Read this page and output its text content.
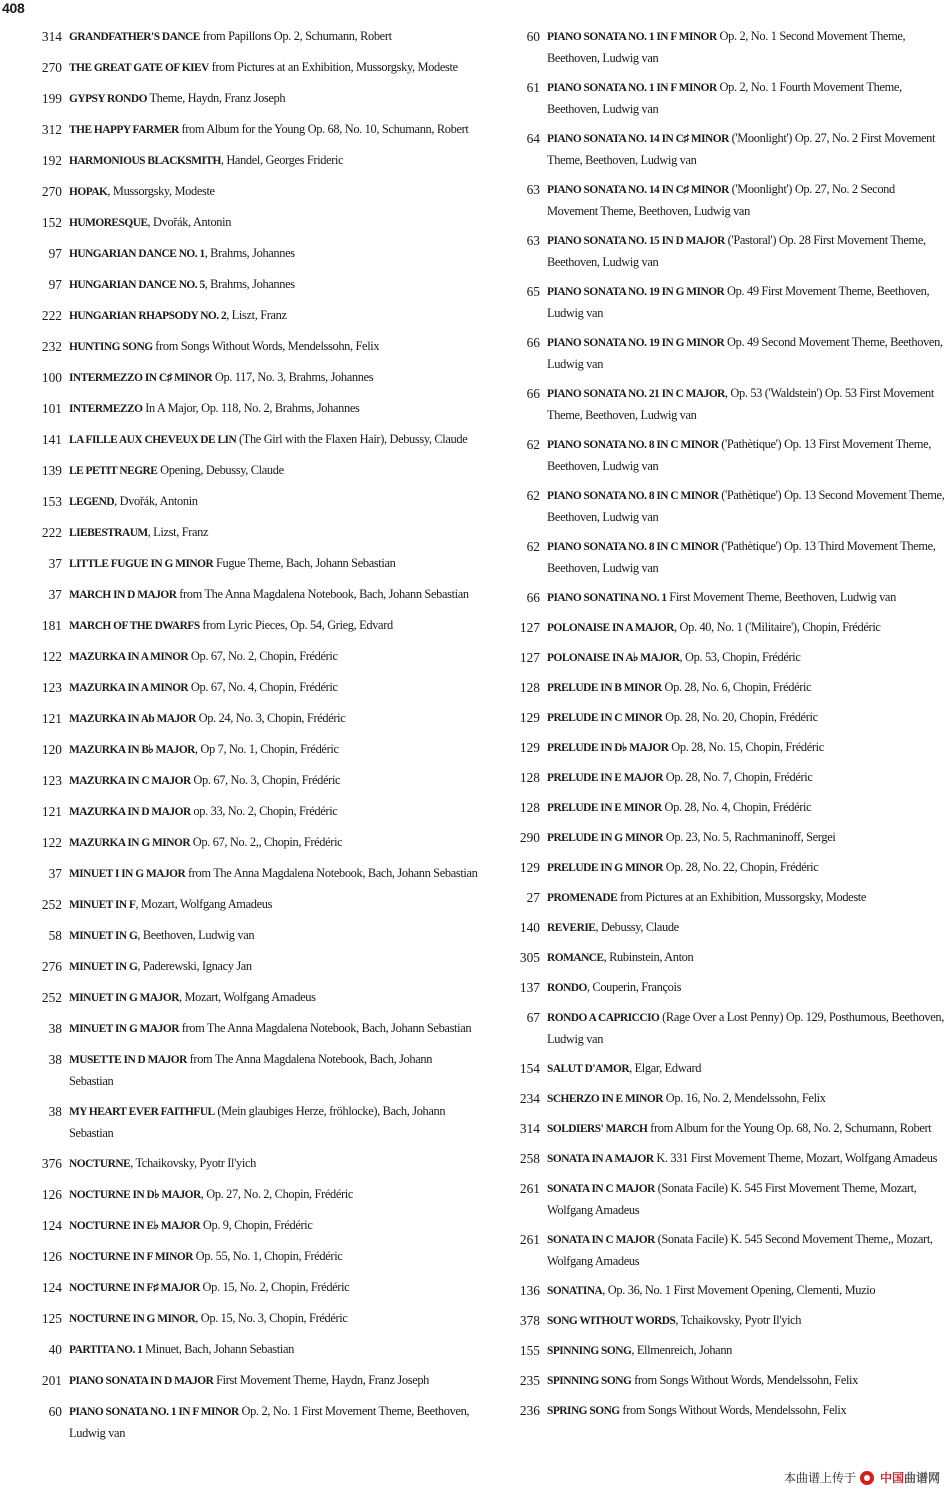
408
314 GRANDFATHER'S DANCE from Papillons Op. 2, Schumann, Robert
270 THE GREAT GATE OF KIEV from Pictures at an Exhibition, Mussorgsky, Modeste
199 GYPSY RONDO Theme, Haydn, Franz Joseph
312 THE HAPPY FARMER from Album for the Young Op. 68, No. 10, Schumann, Robert
192 HARMONIOUS BLACKSMITH, Handel, Georges Frideric
270 HOPAK, Mussorgsky, Modeste
152 HUMORESQUE, Dvořák, Antonin
97 HUNGARIAN DANCE NO. 1, Brahms, Johannes
97 HUNGARIAN DANCE NO. 5, Brahms, Johannes
222 HUNGARIAN RHAPSODY NO. 2, Liszt, Franz
232 HUNTING SONG from Songs Without Words, Mendelssohn, Felix
100 INTERMEZZO IN C♯ MINOR Op. 117, No. 3, Brahms, Johannes
101 INTERMEZZO In A Major, Op. 118, No. 2, Brahms, Johannes
141 LA FILLE AUX CHEVEUX DE LIN (The Girl with the Flaxen Hair), Debussy, Claude
139 LE PETIT NEGRE Opening, Debussy, Claude
153 LEGEND, Dvořák, Antonin
222 LIEBESTRAUM, Lizst, Franz
37 LITTLE FUGUE IN G MINOR Fugue Theme, Bach, Johann Sebastian
37 MARCH IN D MAJOR from The Anna Magdalena Notebook, Bach, Johann Sebastian
181 MARCH OF THE DWARFS from Lyric Pieces, Op. 54, Grieg, Edvard
122 MAZURKA IN A MINOR Op. 67, No. 2, Chopin, Frédéric
123 MAZURKA IN A MINOR Op. 67, No. 4, Chopin, Frédéric
121 MAZURKA IN Ab MAJOR Op. 24, No. 3, Chopin, Frédéric
120 MAZURKA IN B♭ MAJOR, Op 7, No. 1, Chopin, Frédéric
123 MAZURKA IN C MAJOR Op. 67, No. 3, Chopin, Frédéric
121 MAZURKA IN D MAJOR op. 33, No. 2, Chopin, Frédéric
122 MAZURKA IN G MINOR Op. 67, No. 2,, Chopin, Frédéric
37 MINUET I IN G MAJOR from The Anna Magdalena Notebook, Bach, Johann Sebastian
252 MINUET IN F, Mozart, Wolfgang Amadeus
58 MINUET IN G, Beethoven, Ludwig van
276 MINUET IN G, Paderewski, Ignacy Jan
252 MINUET IN G MAJOR, Mozart, Wolfgang Amadeus
38 MINUET IN G MAJOR from The Anna Magdalena Notebook, Bach, Johann Sebastian
38 MUSETTE IN D MAJOR from The Anna Magdalena Notebook, Bach, Johann Sebastian
38 MY HEART EVER FAITHFUL (Mein glaubiges Herze, fröhlocke), Bach, Johann Sebastian
376 NOCTURNE, Tchaikovsky, Pyotr Il'yich
126 NOCTURNE IN D♭ MAJOR, Op. 27, No. 2, Chopin, Frédéric
124 NOCTURNE IN E♭ MAJOR Op. 9, Chopin, Frédéric
126 NOCTURNE IN F MINOR Op. 55, No. 1, Chopin, Frédéric
124 NOCTURNE IN F♯ MAJOR Op. 15, No. 2, Chopin, Frédéric
125 NOCTURNE IN G MINOR, Op. 15, No. 3, Chopin, Frédéric
40 PARTITA NO. 1 Minuet, Bach, Johann Sebastian
201 PIANO SONATA IN D MAJOR First Movement Theme, Haydn, Franz Joseph
60 PIANO SONATA NO. 1 IN F MINOR Op. 2, No. 1 First Movement Theme, Beethoven, Ludwig van
60 PIANO SONATA NO. 1 IN F MINOR Op. 2, No. 1 Second Movement Theme, Beethoven, Ludwig van
61 PIANO SONATA NO. 1 IN F MINOR Op. 2, No. 1 Fourth Movement Theme, Beethoven, Ludwig van
64 PIANO SONATA NO. 14 IN C♯ MINOR ('Moonlight') Op. 27, No. 2 First Movement Theme, Beethoven, Ludwig van
63 PIANO SONATA NO. 14 IN C♯ MINOR ('Moonlight') Op. 27, No. 2 Second Movement Theme, Beethoven, Ludwig van
63 PIANO SONATA NO. 15 IN D MAJOR ('Pastoral') Op. 28 First Movement Theme, Beethoven, Ludwig van
65 PIANO SONATA NO. 19 IN G MINOR Op. 49 First Movement Theme, Beethoven, Ludwig van
66 PIANO SONATA NO. 19 IN G MINOR Op. 49 Second Movement Theme, Beethoven, Ludwig van
66 PIANO SONATA NO. 21 IN C MAJOR, Op. 53 ('Waldstein') Op. 53 First Movement Theme, Beethoven, Ludwig van
62 PIANO SONATA NO. 8 IN C MINOR ('Pathètique') Op. 13 First Movement Theme, Beethoven, Ludwig van
62 PIANO SONATA NO. 8 IN C MINOR ('Pathètique') Op. 13 Second Movement Theme, Beethoven, Ludwig van
62 PIANO SONATA NO. 8 IN C MINOR ('Pathètique') Op. 13 Third Movement Theme, Beethoven, Ludwig van
66 PIANO SONATINA NO. 1 First Movement Theme, Beethoven, Ludwig van
127 POLONAISE IN A MAJOR, Op. 40, No. 1 ('Militaire'), Chopin, Frédéric
127 POLONAISE IN A♭ MAJOR, Op. 53, Chopin, Frédéric
128 PRELUDE IN B MINOR Op. 28, No. 6, Chopin, Frédéric
129 PRELUDE IN C MINOR Op. 28, No. 20, Chopin, Frédéric
129 PRELUDE IN D♭ MAJOR Op. 28, No. 15, Chopin, Frédéric
128 PRELUDE IN E MAJOR Op. 28, No. 7, Chopin, Frédéric
128 PRELUDE IN E MINOR Op. 28, No. 4, Chopin, Frédéric
290 PRELUDE IN G MINOR Op. 23, No. 5, Rachmaninoff, Sergei
129 PRELUDE IN G MINOR Op. 28, No. 22, Chopin, Frédéric
27 PROMENADE from Pictures at an Exhibition, Mussorgsky, Modeste
140 REVERIE, Debussy, Claude
305 ROMANCE, Rubinstein, Anton
137 RONDO, Couperin, François
67 RONDO A CAPRICCIO (Rage Over a Lost Penny) Op. 129, Posthumous, Beethoven, Ludwig van
154 SALUT D'AMOR, Elgar, Edward
234 SCHERZO IN E MINOR Op. 16, No. 2, Mendelssohn, Felix
314 SOLDIERS' MARCH from Album for the Young Op. 68, No. 2, Schumann, Robert
258 SONATA IN A MAJOR K. 331 First Movement Theme, Mozart, Wolfgang Amadeus
261 SONATA IN C MAJOR (Sonata Facile) K. 545 First Movement Theme, Mozart, Wolfgang Amadeus
261 SONATA IN C MAJOR (Sonata Facile) K. 545 Second Movement Theme,, Mozart, Wolfgang Amadeus
136 SONATINA, Op. 36, No. 1 First Movement Opening, Clementi, Muzio
378 SONG WITHOUT WORDS, Tchaikovsky, Pyotr Il'yich
155 SPINNING SONG, Ellmenreich, Johann
235 SPINNING SONG from Songs Without Words, Mendelssohn, Felix
236 SPRING SONG from Songs Without Words, Mendelssohn, Felix
本曲谱上传于 中国曲谱网
